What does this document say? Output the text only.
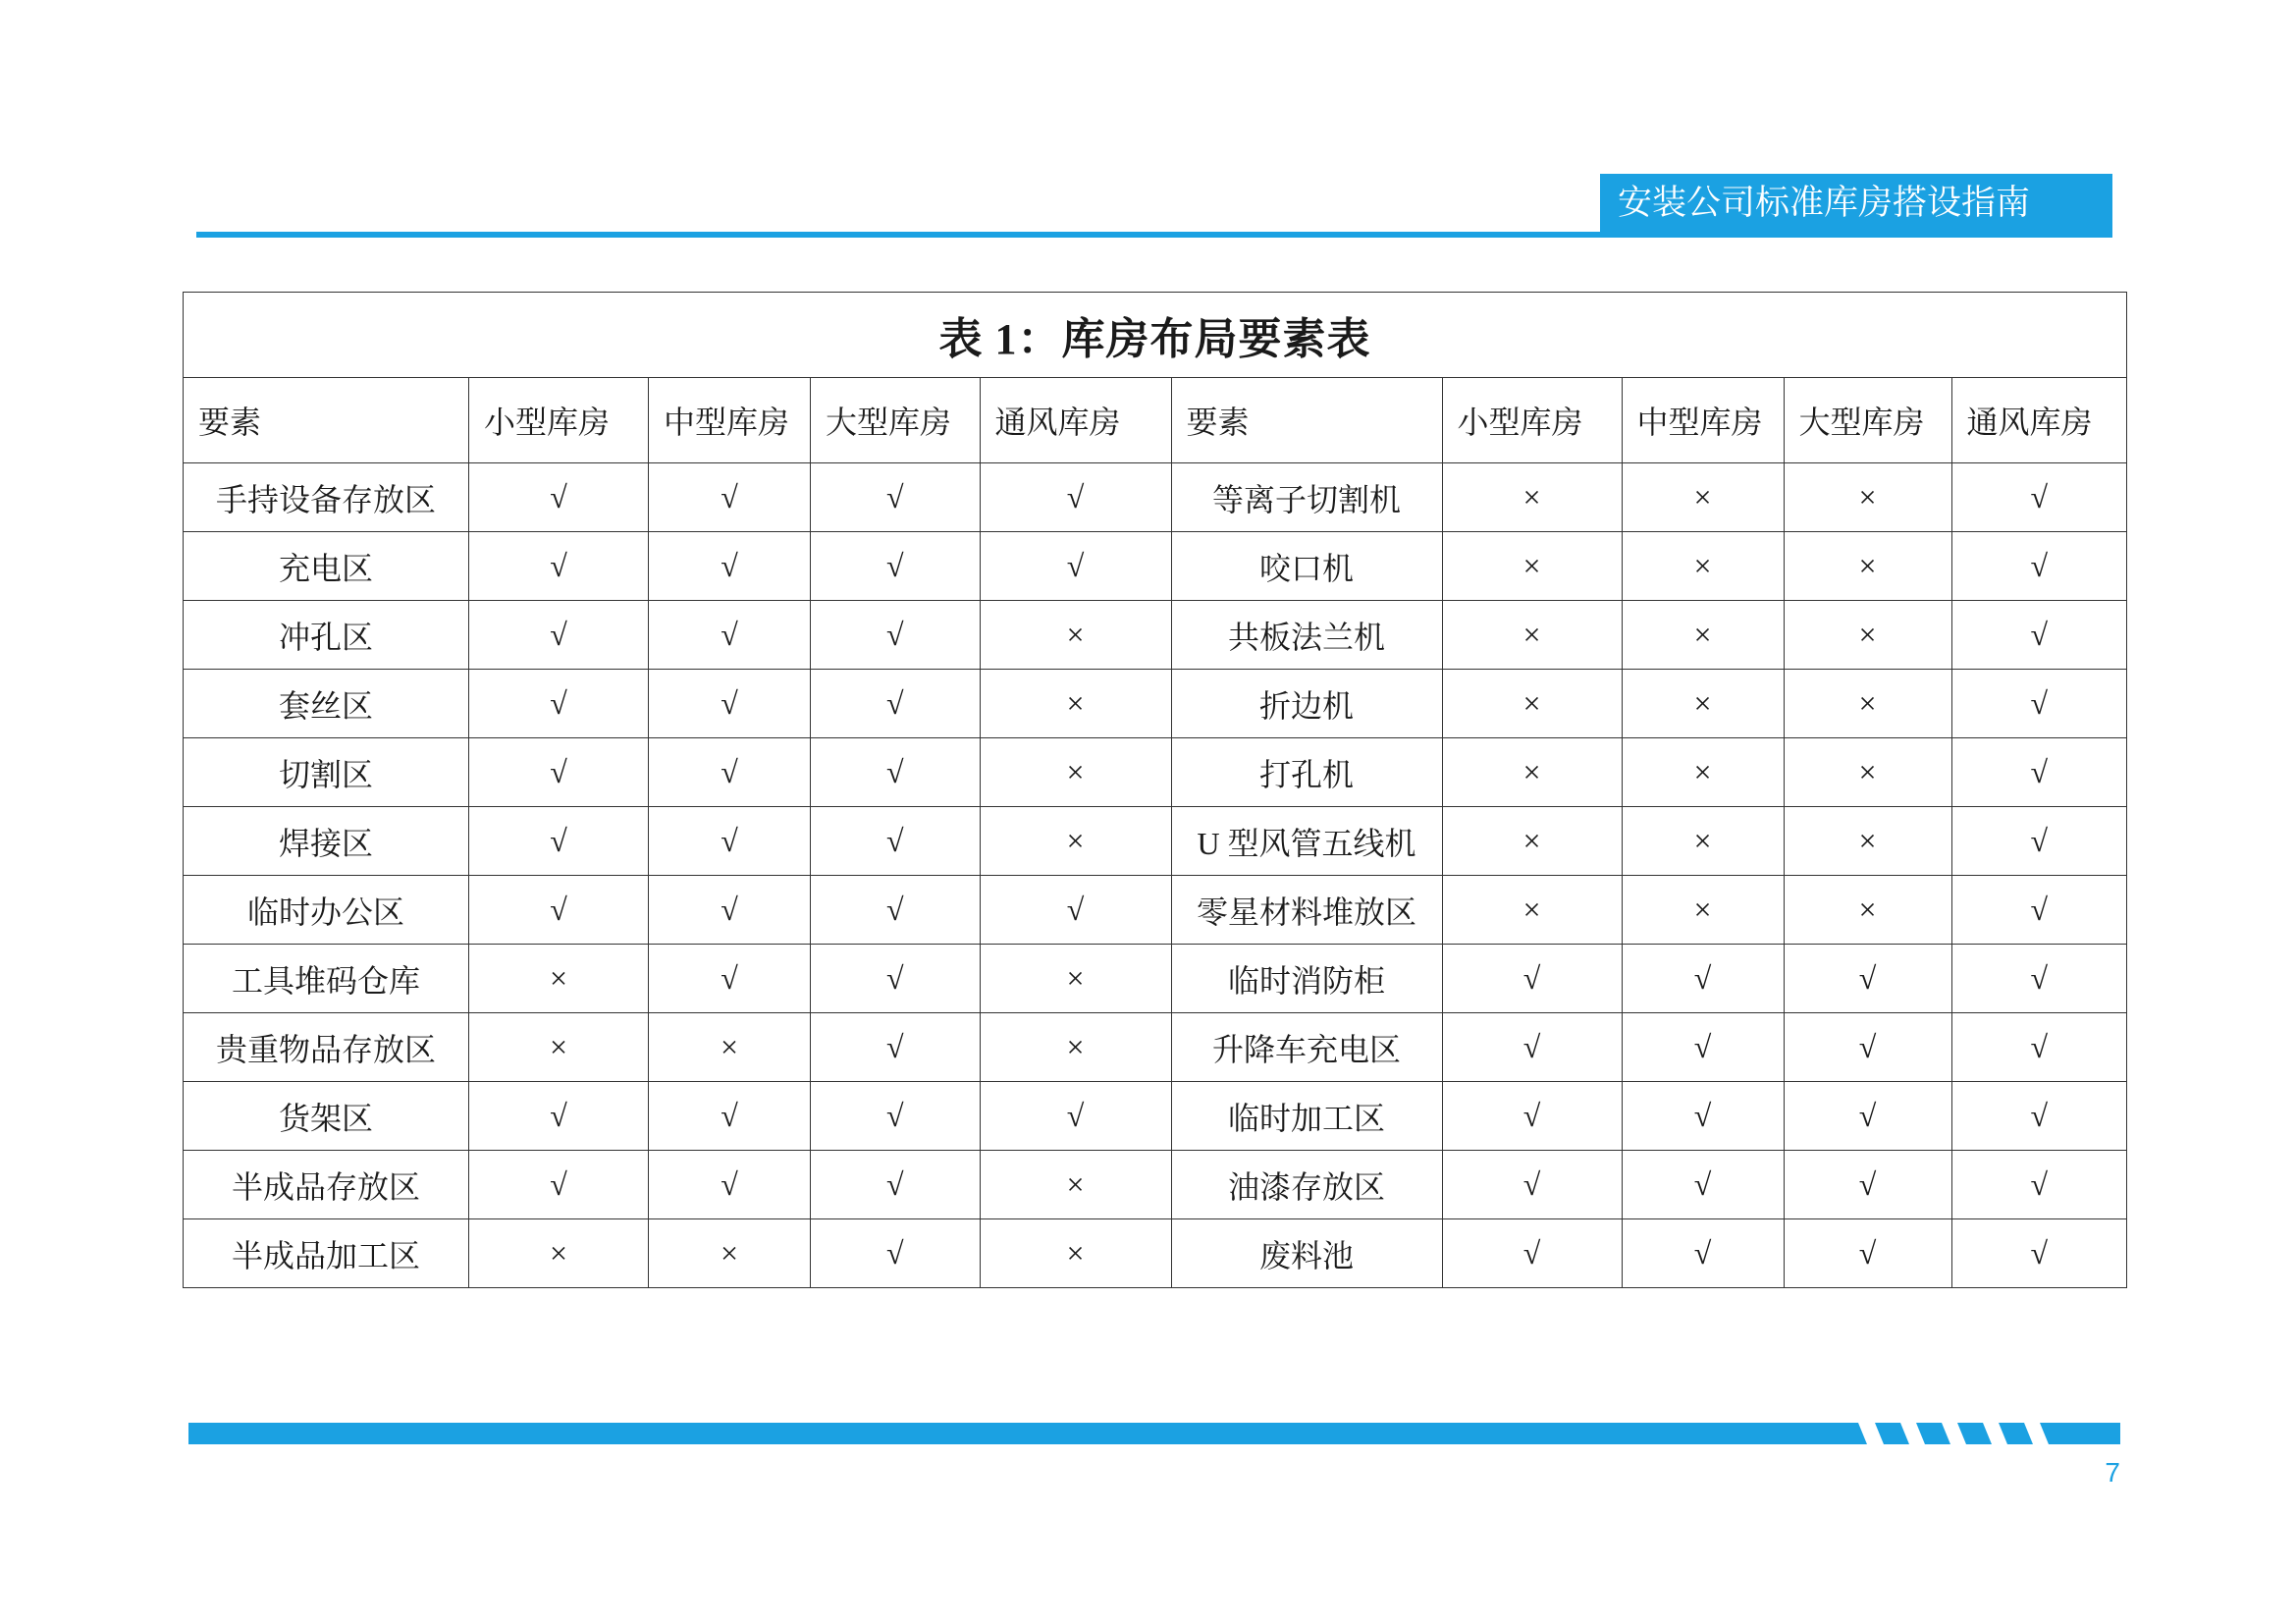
安装公司标准库房搭设指南
表 1：库房布局要素表									
要素	小型库房	中型库房	大型库房	通风库房	要素	小型库房	中型库房	大型库房	通风库房
手持设备存放区	√	√	√	√	等离子切割机	×	×	×	√
充电区	√	√	√	√	咬口机	×	×	×	√
冲孔区	√	√	√	×	共板法兰机	×	×	×	√
套丝区	√	√	√	×	折边机	×	×	×	√
切割区	√	√	√	×	打孔机	×	×	×	√
焊接区	√	√	√	×	U 型风管五线机	×	×	×	√
临时办公区	√	√	√	√	零星材料堆放区	×	×	×	√
工具堆码仓库	×	√	√	×	临时消防柜	√	√	√	√
贵重物品存放区	×	×	√	×	升降车充电区	√	√	√	√
货架区	√	√	√	√	临时加工区	√	√	√	√
半成品存放区	√	√	√	×	油漆存放区	√	√	√	√
半成品加工区	×	×	√	×	废料池	√	√	√	√
7
